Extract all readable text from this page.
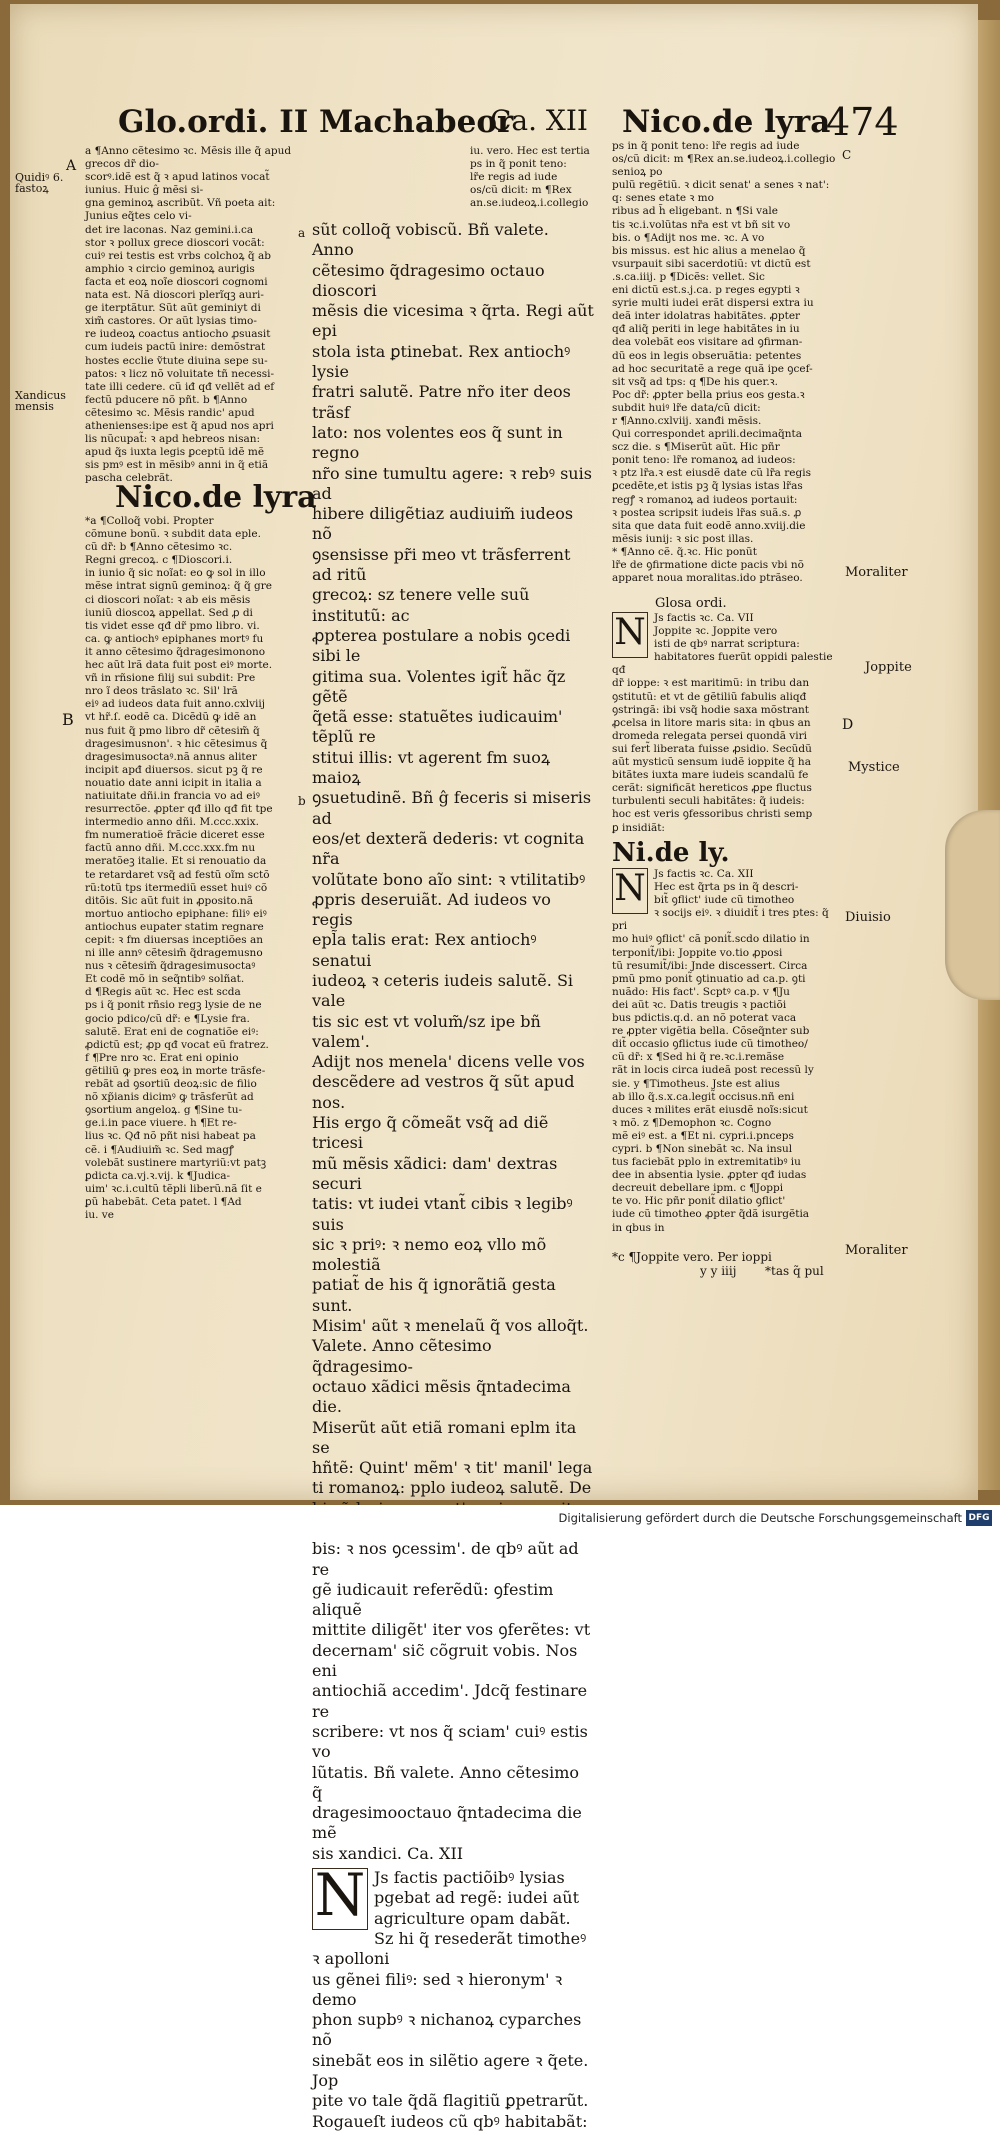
Glo.ordi. II Machabeor
Ca. XII Nico.de lyra
474

Quidiꝰ 6.
fastoꝝ

Xandicus
mensis

A
B

a ¶Anno cẽtesimo ꝛc. Mẽsis ille q̃ apud grecos dr̃ dio-
scorꝰ.idẽ est q̃ ꝛ apud latinos vocat̃ iunius. Huic ĝ mẽsi si-
gna geminoꝝ ascribũt. Vñ poeta ait: Junius eq̃tes celo vi-
det ire laconas. Naz gemini.i.ca
stor ꝛ pollux grece dioscori vocãt:
cuiꝰ rei testis est vrbs colchoꝝ q̃ ab
amphio ꝛ circio geminoꝝ aurigis
facta et eoꝝ noĩe dioscori cognomi
nata est. Nã dioscori plerĩqꝫ auri-
ge iterptãtur. Sũt aũt geminiyt di
xim̃ castores. Or aũt lysias timo-
re iudeoꝝ coactus antiocho ꝓsuasit
cum iudeis pactũ inire: demõstrat
hostes ecclie ṽtute diuina sepe su-
patos: ꝛ licz nõ voluitate tñ necessi-
tate illi cedere. cũ iđ qđ vellẽt ad ef
fectũ pducere nõ pñt. b ¶Anno
cẽtesimo ꝛc. Mẽsis randic' apud
athenienses:ipe est q̃ apud nos apri
lis nũcupat̃: ꝛ apd hebreos nisan:
apud q̃s iuxta legis ꝑceptũ idẽ mẽ
sis pmꝰ est in mẽsibꝰ anni in q̃ etiã
pascha celebrãt.

Nico.de lyra

*a ¶Colloq̃ vobi. Propter
cõmune bonũ. ꝛ subdit data eple.
cũ dr̃: b ¶Anno cẽtesimo ꝛc.
Regni grecoꝝ. c ¶Dioscori.i.
in iunio q̃ sic noĩat: eo ꝙ sol in illo
mẽse intrat signũ geminoꝝ: q̃ q̃ gre
ci dioscori noĩat: ꝛ ab eis mẽsis
iuniũ dioscoꝝ appellat. Sed ꝓ di
tis videt esse qđ dr̃ pmo libro. vi.
ca. ꝙ antiochꝰ epiphanes mortꝰ fu
it anno cẽtesimo q̃dragesimonono
hec aũt lrã data fuit post eiꝰ morte.
vñ in rñsione filij sui subdit: Pre
nro ĩ deos trãslato ꝛc. Sil' lrã
eiꝰ ad iudeos data fuit anno.cxlviij
vt hr̃.ſ. eodẽ ca. Dicẽdũ ꝙ idẽ an
nus fuit q̃ pmo libro dr̃ cẽtesim̃ q̃
dragesimusnon'. ꝛ hic cẽtesimus q̃
dragesimusoctaꝰ.nã annus aliter
incipit apđ diuersos. sicut pꝫ q̃ re
nouatio date anni icipit in italia a
natiuitate dñi.in francia vo ad eiꝰ
resurrectõe. ꝓpter qđ illo qđ fit tpe
intermedio anno dñi. M.ccc.xxix.
fm numeratioẽ frãcie diceret esse
factũ anno dñi. M.ccc.xxx.fm nu
meratõeꝫ italie. Et si renouatio da
te retardaret vsq̃ ad festũ oĩm sctõ
rũ:totũ tps itermediũ esset huiꝰ cõ
ditõis. Sic aũt fuit in ꝓposito.nã
mortuo antiocho epiphane: filiꝰ eiꝰ
antiochus eupater statim regnare
cepit: ꝛ fm diuersas inceptiões an
ni ille annꝰ cẽtesim̃ q̃dragemusno
nus ꝛ cẽtesim̃ q̃dragesimusoctaꝰ
Et codẽ mõ in seq̃ntibꝰ solñat.
d ¶Regis aũt ꝛc. Hec est scda
ps i q̃ ponit rñsio regꝫ lysie de ne
gocio pdico/cũ dr̃: e ¶Lysie fra.
salutẽ. Erat eni de cognatiõe eiꝰ:
ꝓdictũ est; ꝓp qđ vocat eũ fratrez.
f ¶Pre nro ꝛc. Erat eni opinio
gẽtiliũ ꝙ pres eoꝝ in morte trãsfe-
rebãt ad ꝯsortiũ deoꝝ:sic de filio
nõ xp̃ianis dicimꝰ ꝙ trãsferũt ad
ꝯsortium angeloꝝ. g ¶Sine tu-
ge.i.in pace viuere. h ¶Et re-
lius ꝛc. Qđ nõ pñt nisi habeat pa
cẽ. i ¶Audiuim̃ ꝛc. Sed magꝭ
volebãt sustinere martyriũ:vt patꝫ
ꝑdicta ca.vj.ꝛ.vij. k ¶Judica-
uim' ꝛc.i.cultũ tẽpli liberũ.nã ſit e
ꝑũ habebãt. Ceta patet. l ¶Ad
iu. ve

iu. vero. Hec est tertia
ps in q̃ ponit teno:
lr̃e regis ad iude
os/cũ dicit: m ¶Rex
an.se.iudeoꝝ.i.collegio

a
b

sũt colloq̃ vobiscũ. Bñ valete. Anno
cẽtesimo q̃dragesimo octauo dioscori
mẽsis die vicesima ꝛ q̃rta. Regi aũt epi
stola ista ꝑtinebat. Rex antiochꝰ lysie
fratri salutẽ. Patre nr̃o iter deos trãsf
lato: nos volentes eos q̃ sunt in regno
nr̃o sine tumultu agere: ꝛ rebꝰ suis ad
hibere diligẽtiaz audiuim̃ iudeos nõ
ꝯsensisse pr̃i meo vt trãsferrent ad ritũ
grecoꝝ: sz tenere velle suũ institutũ: ac
ꝓpterea postulare a nobis ꝯcedi sibi le
gitima sua. Volentes igit̃ hãc q̃z gẽtẽ
q̃etã esse: statuẽtes iudicauim' tẽplũ re
stitui illis: vt agerent fm suoꝝ maioꝝ
ꝯsuetudinẽ. Bñ ĝ feceris si miseris ad
eos/et dexterã dederis: vt cognita nr̃a
volũtate bono aĩo sint: ꝛ vtilitatibꝰ
ꝓpris deseruiãt. Ad iudeos vo regis
epl̃a talis erat: Rex antiochꝰ senatui
iudeoꝝ ꝛ ceteris iudeis salutẽ. Si vale
tis sic est vt volum̃/sz ipe bñ valem'.
Adijt nos menela' dicens velle vos
descẽdere ad vestros q̃ sũt apud nos.
His ergo q̃ cõmeãt vsq̃ ad diẽ tricesi
mũ mẽsis xãdici: dam' dextras securi
tatis: vt iudei vtant̃ cibis ꝛ legibꝰ suis
sic ꝛ priꝰ: ꝛ nemo eoꝝ vllo mõ molestiã
patiat̃ de his q̃ ignorãtiã gesta sunt.
Misim' aũt ꝛ menelaũ q̃ vos alloq̃t.
Valete. Anno cẽtesimo q̃dragesimo-
octauo xãdici mẽsis q̃ntadecima die.
Miserũt aũt etiã romani eplm ita se
hñtẽ: Quint' mẽm' ꝛ tit' manil' lega
ti romanoꝝ: pplo iudeoꝝ salutẽ. De

bis: ꝛ nos ꝯcessim'. de qbꝰ aũt ad re
gẽ iudicauit referẽdũ: ꝯfestim aliquẽ
mittite diligẽt' iter vos ꝯferẽtes: vt
decernam' sic̃ cõgruit vobis. Nos eni
antiochiã accedim'. Jdcq̃ festinare re
scribere: vt nos q̃ sciam' cuiꝰ estis vo
lũtatis. Bñ valete. Anno cẽtesimo q̃
dragesimooctauo q̃ntadecima die mẽ
sis xandici. Ca. XII

N Js factis pactiõibꝰ lysias
pgebat ad regẽ: iudei aũt
agriculture opam dabãt.
Sz hi q̃ resederãt timotheꝰ ꝛ apolloni
us gẽnei filiꝰ: sed ꝛ hieronym' ꝛ demo
phon supbꝰ ꝛ nichanoꝝ cyparches nõ
sinebãt eos in silẽtio agere ꝛ q̃ete. Jop
pite vo tale q̃dã flagitiũ ꝑpetrarũt.
Rogaueſt iudeos cũ qbꝰ habitabãt:

ps in q̃ ponit teno: lr̃e regis ad iude
os/cũ dicit: m ¶Rex an.se.iudeoꝝ.i.collegio senioꝝ po
pulũ regẽtiũ. ꝛ dicit senat' a senes ꝛ nat': q: senes etate ꝛ mo
ribus ad h̃ eligebant. n ¶Si vale
tis ꝛc.i.volũtas nr̃a est vt bñ sit vo
bis. o ¶Adijt nos me. ꝛc. A vo
bis missus. est hic alius a menelao q̃
vsurpauit sibi sacerdotiũ: vt dictũ est
.s.ca.iiij. p ¶Dicẽs: vellet. Sic
eni dictũ est.s.j.ca. p reges egypti ꝛ
syrie multi iudei erãt dispersi extra iu
deã inter idolatras habitãtes. ꝓpter
qđ aliq̃ periti in lege habitãtes in iu
dea volebãt eos visitare ad ꝯfirman-
dũ eos in legis obseruãtia: petentes
ad hoc securitatẽ a rege quã ipe ꝯcef-
sit vsq̃ ad tps: q ¶De his quer.ꝛ.
Poc dr̃: ꝓpter bella prius eos gesta.ꝛ subdit huiꝰ lr̃e data/cũ dicit:
r ¶Anno.cxlviij. xanđi mẽsis.
Qui correspondet aprili.decimaq̃nta
scz die. s ¶Miserũt aũt. Hic pñr
ponit teno: lr̃e romanoꝝ ad iudeos:
ꝛ ptz lr̃a.ꝛ est eiusdẽ date cũ lr̃a regis
ꝑcedẽte,et istis pꝫ q̃ lysias istas lr̃as
regꝭ ꝛ romanoꝝ ad iudeos portauit:
ꝛ postea scripsit iudeis lr̃as suã.s. ꝓ
sita que data fuit eodẽ anno.xviij.die
mẽsis iunij: ꝛ sic post illas.
* ¶Anno cẽ. q̃.ꝛc. Hic ponũt
lr̃e de ꝯfirmatione dicte pacis vbi nõ
apparet noua moralitas.ido ptrãseo.

Glosa ordi.
N Js factis ꝛc. Ca. VII
Joppite ꝛc. Joppite vero
isti de qbꝰ narrat scriptura:
habitatores fuerũt oppidi palestie qđ
dr̃ ioppe: ꝛ est maritimũ: in tribu dan
ꝯstitutũ: et vt de gẽtiliũ fabulis aliqđ
ꝯstringã: ibi vsq̃ hodie saxa mõstrant
ꝓcelsa in litore maris sita: in qbus an
dromeda relegata persei quondã viri
sui fert̃ liberata fuisse ꝓsidio. Secũdũ
aũt mysticũ sensum iudẽ ioppite q̃ ha
bitãtes iuxta mare iudeis scandalũ fe
cerãt: significãt hereticos ꝓpe fluctus
turbulenti seculi habitãtes: q̃ iudeis:
hoc est veris ꝯfessoribus christi semp
ꝑ insidiãt:

Ni.de ly.
N Js factis ꝛc. Ca. XII
Hec est q̃rta ps in q̃ descri-
bit̃ ꝯflict' iude cũ timotheo
ꝛ socijs eiꝰ. ꝛ diuidit̃ i tres ptes: q̃ pri
mo huiꝰ ꝯflict' cã ponit̃.scdo dilatio in
terponit̃/ibi: Joppite vo.tio ꝓposi
tũ resumit̃/ibi: Jnde discessert. Circa
pmũ pmo ponit̃ ꝯtinuatio ad ca.p. ꝯti
nuãdo: His fact'. Scptꝰ ca.p. v ¶Ju
dei aũt ꝛc. Datis treugis ꝛ pactiõi
bus pdictis.q.d. an nõ poterat vaca
re ꝓpter vigẽtia bella. Cõseq̃nter sub
dit̃ occasio ꝯflictus iude cũ timotheo/
cũ dr̃: x ¶Sed hi q̃ re.ꝛc.i.remãse
rãt in locis circa iudeã post recessũ ly
sie. y ¶Timotheus. Jste est alius
ab illo q̃.s.x.ca.legit̃ occisus.nñ eni
duces ꝛ milites erãt eiusdẽ noĩs:sicut
ꝛ mõ. z ¶Demophon ꝛc. Cogno
mẽ eiꝰ est. a ¶Et ni. cypri.i.pnceps
cypri. b ¶Non sinebãt ꝛc. Na insul
tus faciebãt pplo in extremitatibꝰ iu
dee in absentia lysie. ꝓpter qđ iudas
decreuit debellare ipm. c ¶Joppi
te vo. Hic pñr ponit̃ dilatio ꝯflict'
iude cũ timotheo ꝓpter q̃dã isurgẽtia
in qbus in

*c ¶Joppite vero. Per ioppi
*tas q̃ pul
y y iiij
C
Moraliter
Joppite
D
Mystice
Diuisio
Moraliter
Digitalisierung gefördert durch die Deutsche Forschungsgemeinschaft DFG
